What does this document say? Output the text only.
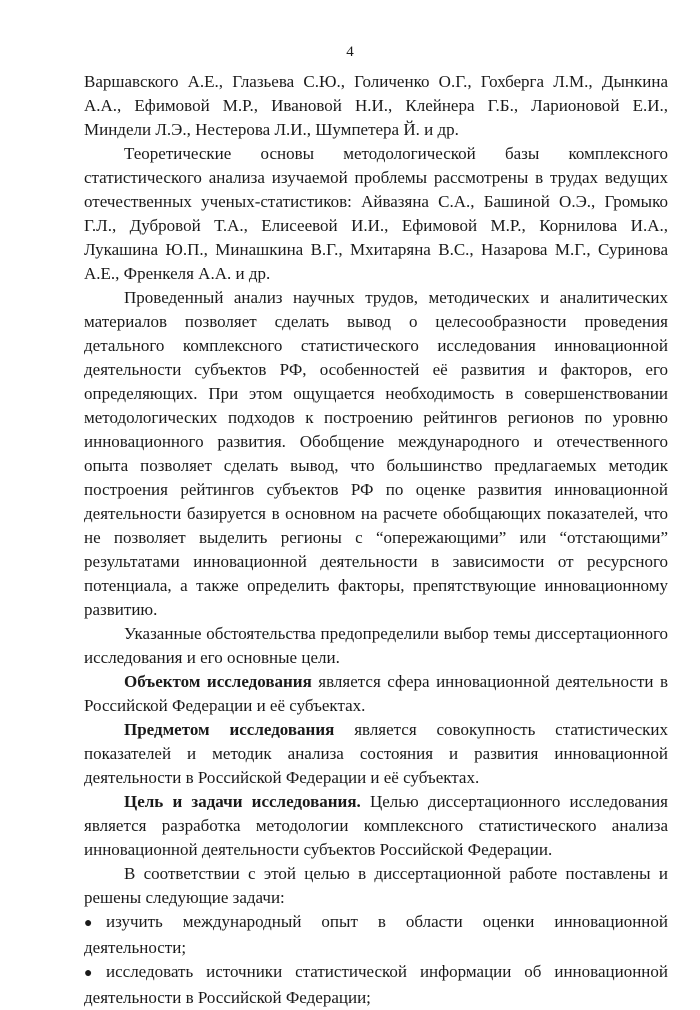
4

Варшавского А.Е., Глазьева С.Ю., Голиченко О.Г., Гохберга Л.М., Дынкина А.А., Ефимовой М.Р., Ивановой Н.И., Клейнера Г.Б., Ларионовой Е.И., Миндели Л.Э., Нестерова Л.И., Шумпетера Й. и др.

Теоретические основы методологической базы комплексного статистического анализа изучаемой проблемы рассмотрены в трудах ведущих отечественных ученых-статистиков: Айвазяна С.А., Башиной О.Э., Громыко Г.Л., Дубровой Т.А., Елисеевой И.И., Ефимовой М.Р., Корнилова И.А., Лукашина Ю.П., Минашкина В.Г., Мхитаряна В.С., Назарова М.Г., Суринова А.Е., Френкеля А.А. и др.

Проведенный анализ научных трудов, методических и аналитических материалов позволяет сделать вывод о целесообразности проведения детального комплексного статистического исследования инновационной деятельности субъектов РФ, особенностей её развития и факторов, его определяющих. При этом ощущается необходимость в совершенствовании методологических подходов к построению рейтингов регионов по уровню инновационного развития. Обобщение международного и отечественного опыта позволяет сделать вывод, что большинство предлагаемых методик построения рейтингов субъектов РФ по оценке развития инновационной деятельности базируется в основном на расчете обобщающих показателей, что не позволяет выделить регионы с “опережающими” или “отстающими” результатами инновационной деятельности в зависимости от ресурсного потенциала, а также определить факторы, препятствующие инновационному развитию.

Указанные обстоятельства предопределили выбор темы диссертационного исследования и его основные цели.

Объектом исследования является сфера инновационной деятельности в Российской Федерации и её субъектах.

Предметом исследования является совокупность статистических показателей и методик анализа состояния и развития инновационной деятельности в Российской Федерации и её субъектах.

Цель и задачи исследования. Целью диссертационного исследования является разработка методологии комплексного статистического анализа инновационной деятельности субъектов Российской Федерации.

В соответствии с этой целью в диссертационной работе поставлены и решены следующие задачи:

● изучить международный опыт в области оценки инновационной деятельности;

● исследовать источники статистической информации об инновационной деятельности в Российской Федерации;
